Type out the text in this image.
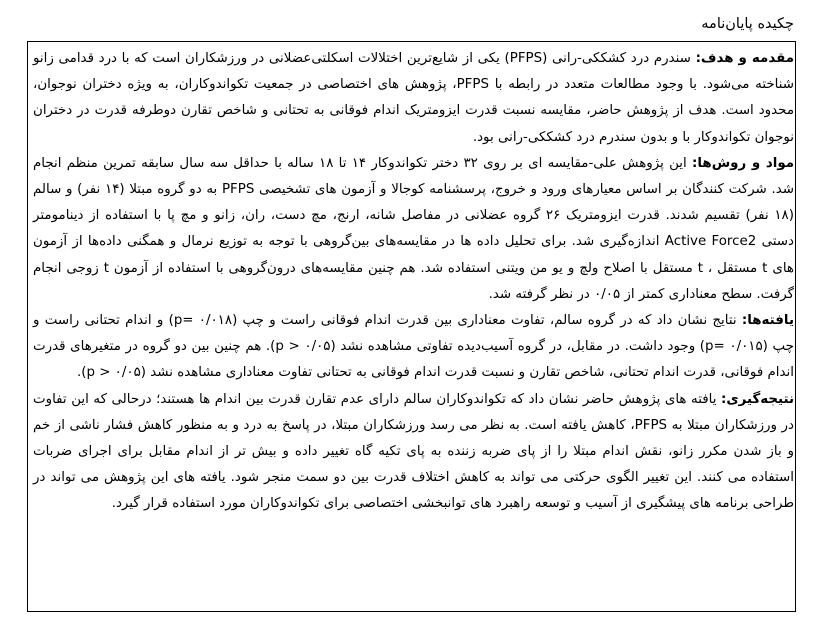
چکیده پایان‌نامه

مقدمه و هدف: سندرم درد کشککی-رانی (PFPS) یکی از شایع‌ترین اختلالات اسکلتی‌عضلانی در ورزشکاران است که با درد قدامی زانو شناخته می‌شود. با وجود مطالعات متعدد در رابطه با PFPS، پژوهش های اختصاصی در جمعیت تکواندوکاران، به ویژه دختران نوجوان، محدود است. هدف از پژوهش حاضر، مقایسه نسبت قدرت ایزومتریک اندام فوقانی به تحتانی و شاخص تقارن دوطرفه قدرت در دختران نوجوان تکواندوکار با و بدون سندرم درد کشککی-رانی بود.

مواد و روش‌ها: این پژوهش علی-مقایسه ای بر روی ۳۲ دختر تکواندوکار ۱۴ تا ۱۸ ساله با حداقل سه سال سابقه تمرین منظم انجام شد. شرکت کنندگان بر اساس معیارهای ورود و خروج، پرسشنامه کوجالا و آزمون های تشخیصی PFPS به دو گروه مبتلا (۱۴ نفر) و سالم (۱۸ نفر) تقسیم شدند. قدرت ایزومتریک ۲۶ گروه عضلانی در مفاصل شانه، ارنج، مچ دست، ران، زانو و مچ پا با استفاده از دینامومتر دستی Active Force2 اندازه‌گیری شد. برای تحلیل داده ها در مقایسه‌های بین‌گروهی با توجه به توزیع نرمال و همگنی داده‌ها از آزمون های t مستقل ، t مستقل با اصلاح ولچ و یو من ویتنی استفاده شد. هم چنین مقایسه‌های درون‌گروهی با استفاده از آزمون t زوجی انجام گرفت. سطح معناداری کمتر از ۰/۰۵ در نظر گرفته شد.

یافته‌ها: نتایج نشان داد که در گروه سالم، تفاوت معناداری بین قدرت اندام فوقانی راست و چپ (p= ۰/۰۱۸) و اندام تحتانی راست و چپ (p= ۰/۰۱۵) وجود داشت. در مقابل، در گروه آسیب‌دیده تفاوتی مشاهده نشد (p > ۰/۰۵). هم چنین بین دو گروه در متغیرهای قدرت اندام فوقانی، قدرت اندام تحتانی، شاخص تقارن و نسبت قدرت اندام فوقانی به تحتانی تفاوت معناداری مشاهده نشد (p > ۰/۰۵).

نتیجه‌گیری: یافته های پژوهش حاضر نشان داد که تکواندوکاران سالم دارای عدم تقارن قدرت بین اندام ها هستند؛ درحالی که این تفاوت در ورزشکاران مبتلا به PFPS، کاهش یافته است. به نظر می رسد ورزشکاران مبتلا، در پاسخ به درد و به منظور کاهش فشار ناشی از خم و باز شدن مکرر زانو، نقش اندام مبتلا را از پای ضربه زننده به پای تکیه گاه تغییر داده و بیش تر از اندام مقابل برای اجرای ضربات استفاده می کنند. این تغییر الگوی حرکتی می تواند به کاهش اختلاف قدرت بین دو سمت منجر شود. یافته های این پژوهش می تواند در طراحی برنامه های پیشگیری از آسیب و توسعه راهبرد های توانبخشی اختصاصی برای تکواندوکاران مورد استفاده قرار گیرد.
